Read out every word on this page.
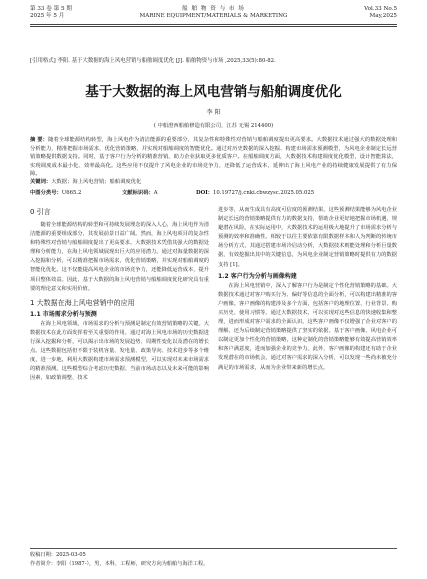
第 33 卷 第 5 期
2025 年 5 月
船 舶 物 资 与 市 场
MARINE EQUIPMENT/MATERIALS & MARKETING
Vol.33 No.5
May,2025
[引用格式] 李阳. 基于大数据的海上风电营销与船舶调度优化 [J]. 船舶物资与市场 ,2025,33(5):80-82.
基于大数据的海上风电营销与船舶调度优化
李 阳
( 中船澄西船舶修造有限公司，江苏 无锡 214400)
摘 要：随着全球能源结构转型，海上风电作为清洁能源的重要部分，其复杂性和特殊性对营销与船舶调度提出更高要求。大数据技术通过强大的数据处理和分析能力，精准把握市场需求，优化营销策略，并实现对船舶调度的智能优化。通过对历史数据的深入挖掘、构建市场需求预测模型，为风电企业制定长远营销策略提供数据支持。同时，基于客户行为分析的精准营销，助力企业获取更多优质客户。在船舶调度方面，大数据技术构建调度优化模型，设计智能算法，实现调度成本最小化、效率最高化。这些应用不仅提升了风电企业的市场竞争力，还降低了运营成本，延伸出了海上风电产业的持续健康发展提供了有力保障。
关键词：大数据；海上风电营销；船舶调度优化
中图分类号：U665.2	文献标识码：A	DOI：10.19727/j.cnki.cbwzysc.2025.05.025
0 引言

随着全球能源结构的转型和可持续发展理念的深入人心，海上风电作为清洁能源的重要组成部分，其发展前景日益广阔。然而，海上风电项目的复杂性和特殊性对营销与船舶调度提出了更高要求。大数据技术凭借其强大的数据处理和分析能力，在海上风电领域展现出巨大的应用潜力。通过对海量数据的深入挖掘和分析，可以精准把握市场需求，优化营销策略，并实现对船舶调度的智能化优化。这不仅能提高风电企业的市场竞争力，还能降低运营成本，提升项目整体效益。因此，基于大数据的海上风电营销与船舶调度优化研究具有重要的理论意义和实用价值。

1 大数据在海上风电营销中的应用
1.1 市场需求分析与预测

在海上风电领域，市场需求的分析与预测是制定有效营销策略的关键。大数据技术在此方面发挥着至关重要的作用。通过对海上风电市场的历史数据进行深入挖掘和分析，可以揭示出市场的发展趋势、周期性变化以及潜在的增长点。这些数据包括但不限于装机容量、发电量、政策导向、技术进步等多个维度，进一步地，利用大数据构建市场需求预测模型，可以实现对未来市场需求的精准预测。这些模型综合考虑历史数据、当前市场动态以及未来可能的影响因素，如政策调整、技术

进步等，从而生成具有高度可信度的预测结果。这些预测结果能够为风电企业制定长远的营销策略提供有力的数据支持，帮助企业更好地把握市场机遇，规避潜在风险。在实际运用中，大数据技术的运用极大地提升了市场需求分析与预测的效率和准确性。相较于以往主要依靠有限数据样本和人为判断的传统市场分析方式，其通过搭建市场冷启动分析，大数据技术则能处理和分析巨量数据，有效挖掘出其中的关键信息，为风电企业制定营销策略时提供有力的数据支持 [1]。

1.2 客户行为分析与画像构建

在海上风电营销中，深入了解客户行为是制定个性化营销策略的基础。大数据技术通过对客户购买行为、偏好等信息的全面分析，可以构建出精准的客户画像。客户画像的构建涉及多个方面，包括客户的地理位置、行业背景、购买历史、使用习惯等。通过大数据技术，可以实现对这些信息的快速收集和整理，进而形成对客户需求的全面认识。这些客户画像不仅增强了企业对客户的理解，还为后续制定营销策略提供了坚实的依据。基于客户画像，风电企业可以制定更加个性化的营销策略，这种定制化的营销策略能够有效提高营销效率和客户满意度，进而加强企业的竞争力。此外，客户画像的构建还有助于企业发现潜在的市场机会。通过对客户需求的深入分析，可以发现一些尚未被充分满足的市场需求，从而为企业带来新的增长点。

收稿日期：2025-03-05
作者简介：李阳（1987-），男，本科，工程师，研究方向为船舶与海洋工程。
